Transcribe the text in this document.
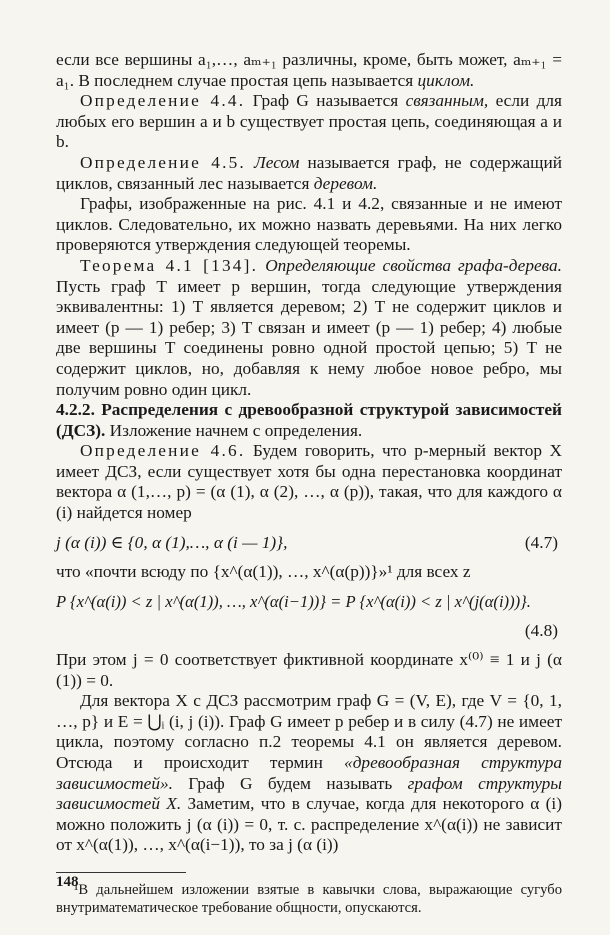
если все вершины a₁,…, aₘ₊₁ различны, кроме, быть может, aₘ₊₁ = a₁. В последнем случае простая цепь называется циклом.

Определение 4.4. Граф G называется связанным, если для любых его вершин a и b существует простая цепь, соединяющая a и b.

Определение 4.5. Лесом называется граф, не содержащий циклов, связанный лес называется деревом.

Графы, изображенные на рис. 4.1 и 4.2, связанные и не имеют циклов. Следовательно, их можно назвать деревьями. На них легко проверяются утверждения следующей теоремы.

Теорема 4.1 [134]. Определяющие свойства графа-дерева. Пусть граф T имеет p вершин, тогда следующие утверждения эквивалентны: 1) T является деревом; 2) T не содержит циклов и имеет (p — 1) ребер; 3) T связан и имеет (p — 1) ребер; 4) любые две вершины T соединены ровно одной простой цепью; 5) T не содержит циклов, но, добавляя к нему любое новое ребро, мы получим ровно один цикл.

4.2.2. Распределения с древообразной структурой зависимостей (ДСЗ). Изложение начнем с определения.

Определение 4.6. Будем говорить, что p-мерный вектор X имеет ДСЗ, если существует хотя бы одна перестановка координат вектора α (1,…, p) = (α (1), α (2), …, α (p)), такая, что для каждого α (i) найдется номер

j (α (i)) ∈ {0, α (1),…, α (i — 1)},	(4.7)

что «почти всюду по {x^(α(1)), …, x^(α(p))}»¹ для всех z

P {x^(α(i)) < z | x^(α(1)), …, x^(α(i−1))} = P {x^(α(i)) < z | x^(j(α(i)))}.
(4.8)

При этом j = 0 соответствует фиктивной координате x⁽⁰⁾ ≡ 1 и j (α (1)) = 0.

Для вектора X с ДСЗ рассмотрим граф G = (V, E), где V = {0, 1, …, p} и E = ⋃ᵢ (i, j (i)). Граф G имеет p ребер и в силу (4.7) не имеет цикла, поэтому согласно п.2 теоремы 4.1 он является деревом. Отсюда и происходит термин «древообразная структура зависимостей». Граф G будем называть графом структуры зависимостей X. Заметим, что в случае, когда для некоторого α (i) можно положить j (α (i)) = 0, т. с. распределение x^(α(i)) не зависит от x^(α(1)), …, x^(α(i−1)), то за j (α (i))

¹В дальнейшем изложении взятые в кавычки слова, выражающие сугубо внутриматематическое требование общности, опускаются.

148
